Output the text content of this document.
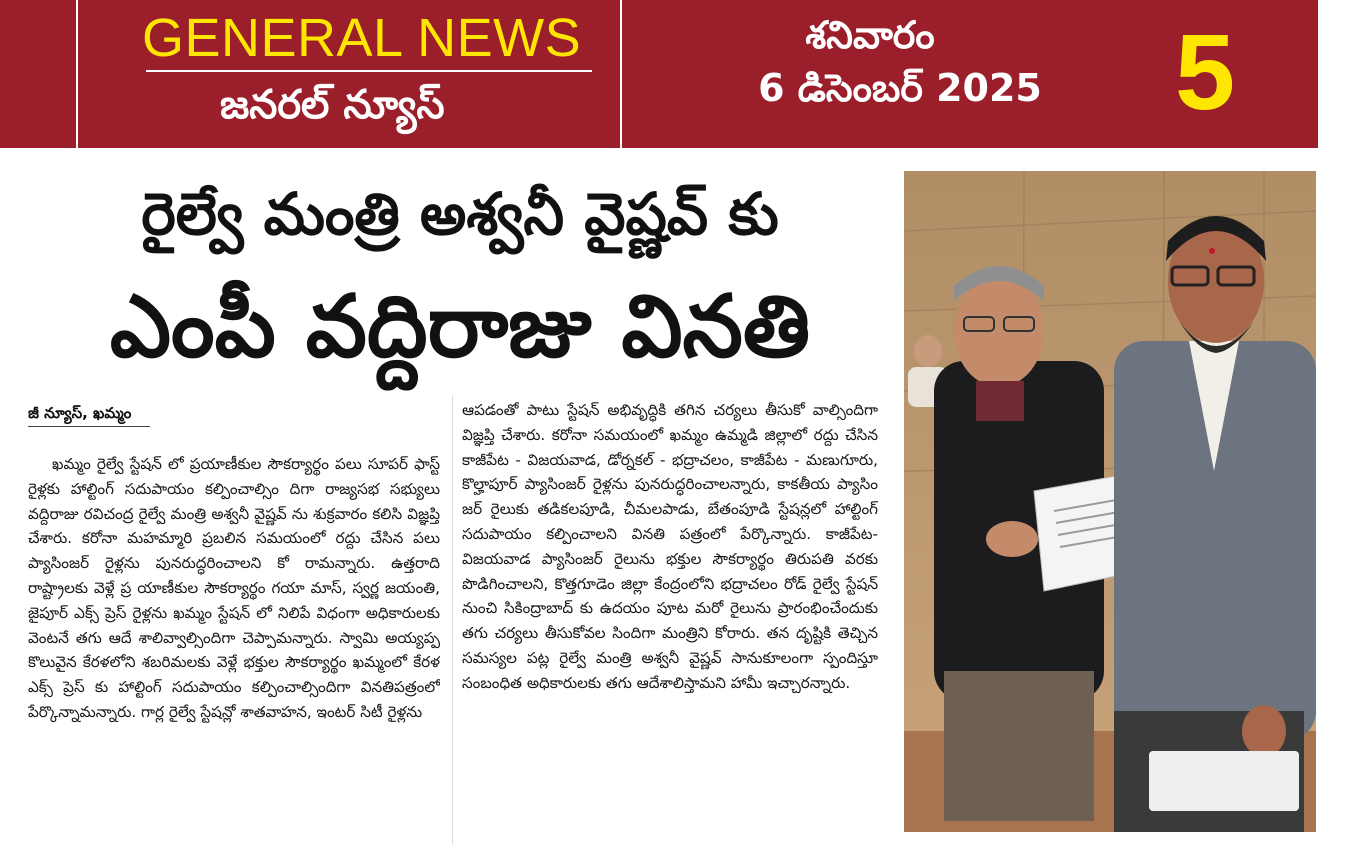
GENERAL NEWS
జనరల్ న్యూస్
శనివారం
6 డిసెంబర్ 2025	5
రైల్వే మంత్రి అశ్వనీ వైష్ణవ్ కు
ఎంపీ వద్దిరాజు వినతి
జీ న్యూస్, ఖమ్మం
ఖమ్మం రైల్వే స్టేషన్ లో ప్రయాణీకుల సౌకర్యార్థం పలు సూపర్ ఫాస్ట్ రైళ్లకు హాల్టింగ్ సదుపాయం కల్పించాల్సిం దిగా రాజ్యసభ సభ్యులు వద్దిరాజు రవిచంద్ర రైల్వే మంత్రి అశ్వనీ వైష్ణవ్ ను శుక్రవారం కలిసి విజ్ఞప్తి చేశారు. కరోనా మహమ్మారి ప్రబలిన సమయంలో రద్దు చేసిన పలు ప్యాసింజర్ రైళ్లను పునరుద్ధరించాలని కో రామన్నారు. ఉత్తరాది రాష్ట్రాలకు వెళ్లే ప్ర యాణీకుల సౌకర్యార్థం గయా మాస్, స్వర్ణ జయంతి, జైపూర్ ఎక్స్ ప్రెస్ రైళ్లను ఖమ్మం స్టేషన్ లో నిలిపే విధంగా అధికారులకు వెంటనే తగు ఆదే శాలివ్వాల్సిందిగా చెప్పామన్నారు. స్వామి అయ్యప్ప కొలువైన కేరళలోని శబరిమలకు వెళ్లే భక్తుల సౌకర్యార్థం ఖమ్మంలో కేరళ ఎక్స్ ప్రెస్ కు హాల్టింగ్ సదుపాయం కల్పించాల్సిందిగా వినతిపత్రంలో పేర్కొన్నామన్నారు. గార్ల రైల్వే స్టేషన్లో శాతవాహన, ఇంటర్ సిటీ రైళ్లను
ఆపడంతో పాటు స్టేషన్ అభివృద్ధికి తగిన చర్యలు తీసుకో వాల్సిందిగా విజ్ఞప్తి చేశారు. కరోనా సమయంలో ఖమ్మం ఉమ్మడి జిల్లాలో రద్దు చేసిన కాజీపేట - విజయవాడ, డోర్నకల్ - భద్రాచలం, కాజీపేట - మణుగూరు, కొల్హాపూర్ ప్యాసింజర్ రైళ్లను పునరుద్ధరించాలన్నారు, కాకతీయ ప్యాసిం జర్ రైలుకు తడికలపూడి, చీమలపాడు, బేతంపూడి స్టేషన్లలో హాల్టింగ్ సదుపాయం కల్పించాలని వినతి పత్రంలో పేర్కొన్నారు. కాజీపేట-విజయవాడ ప్యాసింజర్ రైలును భక్తుల సౌకర్యార్థం తిరుపతి వరకు పొడిగించాలని, కొత్తగూడెం జిల్లా కేంద్రంలోని భద్రాచలం రోడ్ రైల్వే స్టేషన్ నుంచి సికింద్రాబాద్ కు ఉదయం పూట మరో రైలును ప్రారంభించేందుకు తగు చర్యలు తీసుకోవల సిందిగా మంత్రిని కోరారు. తన దృష్టికి తెచ్చిన సమస్యల పట్ల రైల్వే మంత్రి అశ్వనీ వైష్ణవ్ సానుకూలంగా స్పందిస్తూ సంబంధిత అధికారులకు తగు ఆదేశాలిస్తామని హామీ ఇచ్చారన్నారు.
